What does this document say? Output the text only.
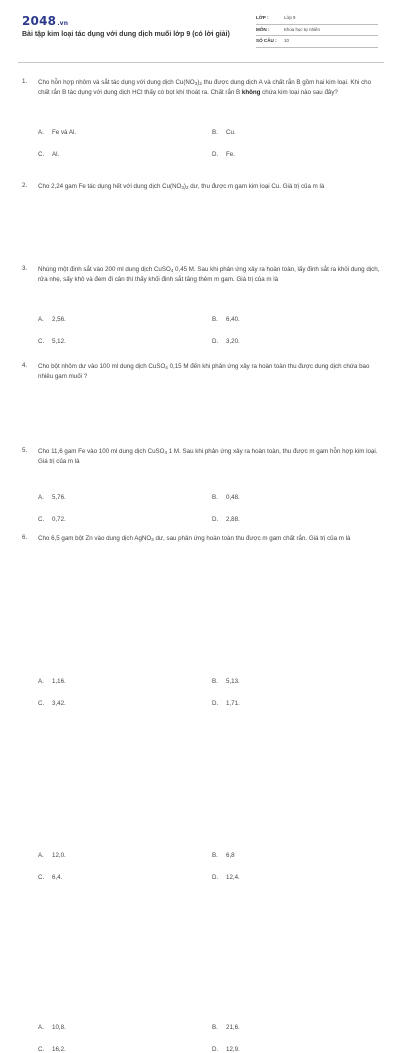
2048.vn
Bài tập kim loại tác dụng với dung dịch muối lớp 9 (có lời giải)
LỚP :	Lớp 9
MÔN :	Khoa học tự nhiên
SỐ CÂU : 10
1. Cho hỗn hợp nhôm và sắt tác dụng với dung dịch $Cu(NO_3)_2$ thu được dung dịch A và chất rắn B gồm hai kim loại. Khi cho chất rắn B tác dụng với dung dịch HCl thấy có bọt khí thoát ra. Chất rắn B không chứa kim loại nào sau đây?
A. Fe và Al.	B. Cu.
C. Al.	D. Fe.
2. Cho 2,24 gam Fe tác dụng hết với dung dịch $Cu(NO_3)_2$ dư, thu được m gam kim loại Cu. Giá trị của m là
A. 2,56.	B. 6,40.
C. 5,12.	D. 3,20.
3. Nhúng một đinh sắt vào 200 ml dung dịch CuSO$_4$ 0,45 M. Sau khi phản ứng xảy ra hoàn toàn, lấy đinh sắt ra khỏi dung dịch, rửa nhẹ, sấy khô và đem đi cân thì thấy khối đinh sắt tăng thêm m gam. Giá trị của m là
A. 5,76.	B. 0,48.
C. 0,72.	D. 2,88.
4. Cho bột nhôm dư vào 100 ml dung dịch CuSO$_4$ 0,15 M đến khi phản ứng xảy ra hoàn toàn thu được dung dịch chứa bao nhiêu gam muối ?
A. 1,16.	B. 5,13.
C. 3,42.	D. 1,71.
5. Cho 11,6 gam Fe vào 100 ml dung dịch CuSO$_4$ 1 M. Sau khi phản ứng xảy ra hoàn toàn, thu được m gam hỗn hợp kim loại. Giá trị của m là
A. 12,0.	B. 6,8
C. 6,4.	D. 12,4.
6. Cho 6,5 gam bột Zn vào dung dịch AgNO$_3$ dư, sau phản ứng hoàn toàn thu được m gam chất rắn. Giá trị của m là
A. 10,8.	B. 21,6.
C. 16,2.	D. 12,9.
